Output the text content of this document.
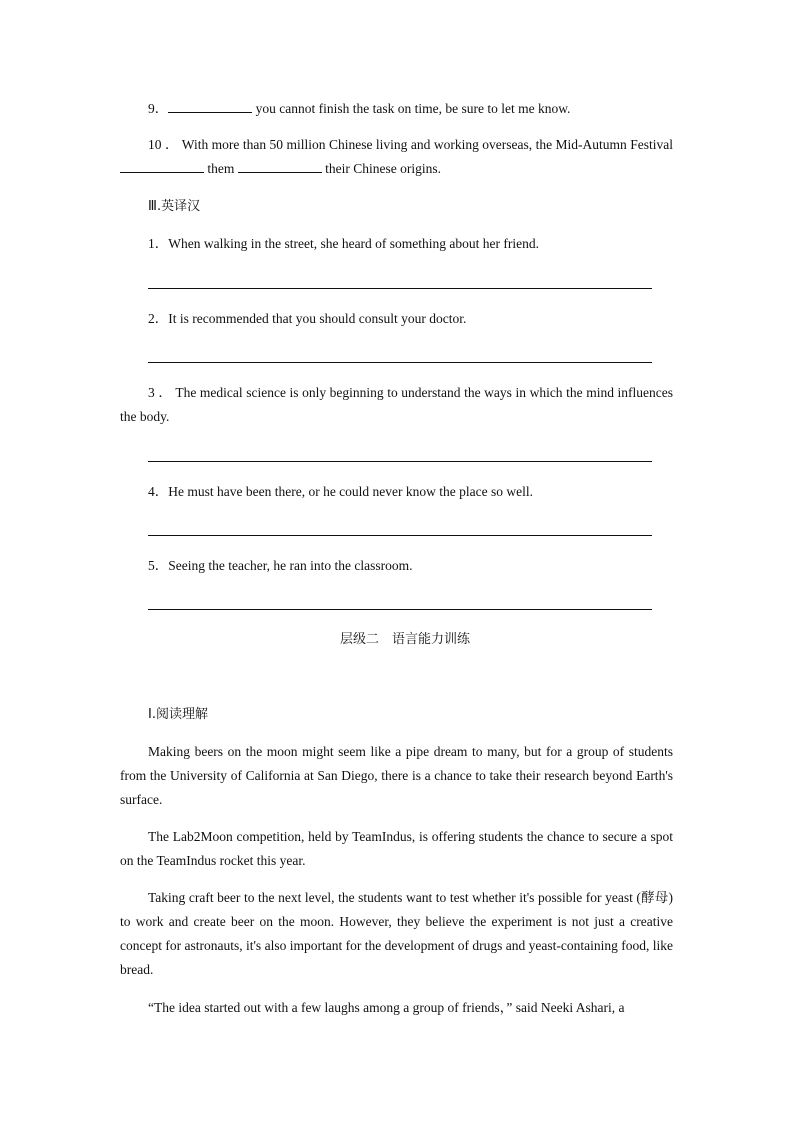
9．	you cannot finish the task on time, be sure to let me know.
10 ． With more than 50 million Chinese living and working overseas, the Mid-Autumn Festival  them	their Chinese origins.
Ⅲ.英译汉
1．When walking in the street, she heard of something about her friend.
2．It is recommended that you should consult your doctor.
3 ． The medical science is only beginning to understand the ways in which the mind influences the body.
4．He must have been there, or he could never know the place so well.
5．Seeing the teacher, he ran into the classroom.
层级二　语言能力训练
Ⅰ.阅读理解
Making beers on the moon might seem like a pipe dream to many, but for a group of students from the University of California at San Diego, there is a chance to take their research beyond Earth's surface.
The Lab2Moon competition, held by TeamIndus, is offering students the chance to secure a spot on the TeamIndus rocket this year.
Taking craft beer to the next level, the students want to test whether it's possible for yeast (酵母) to work and create beer on the moon. However, they believe the experiment is not just a creative concept for astronauts, it's also important for the development of drugs and yeast-containing food, like bread.
“The idea started out with a few laughs among a group of friends，” said Neeki Ashari, a
